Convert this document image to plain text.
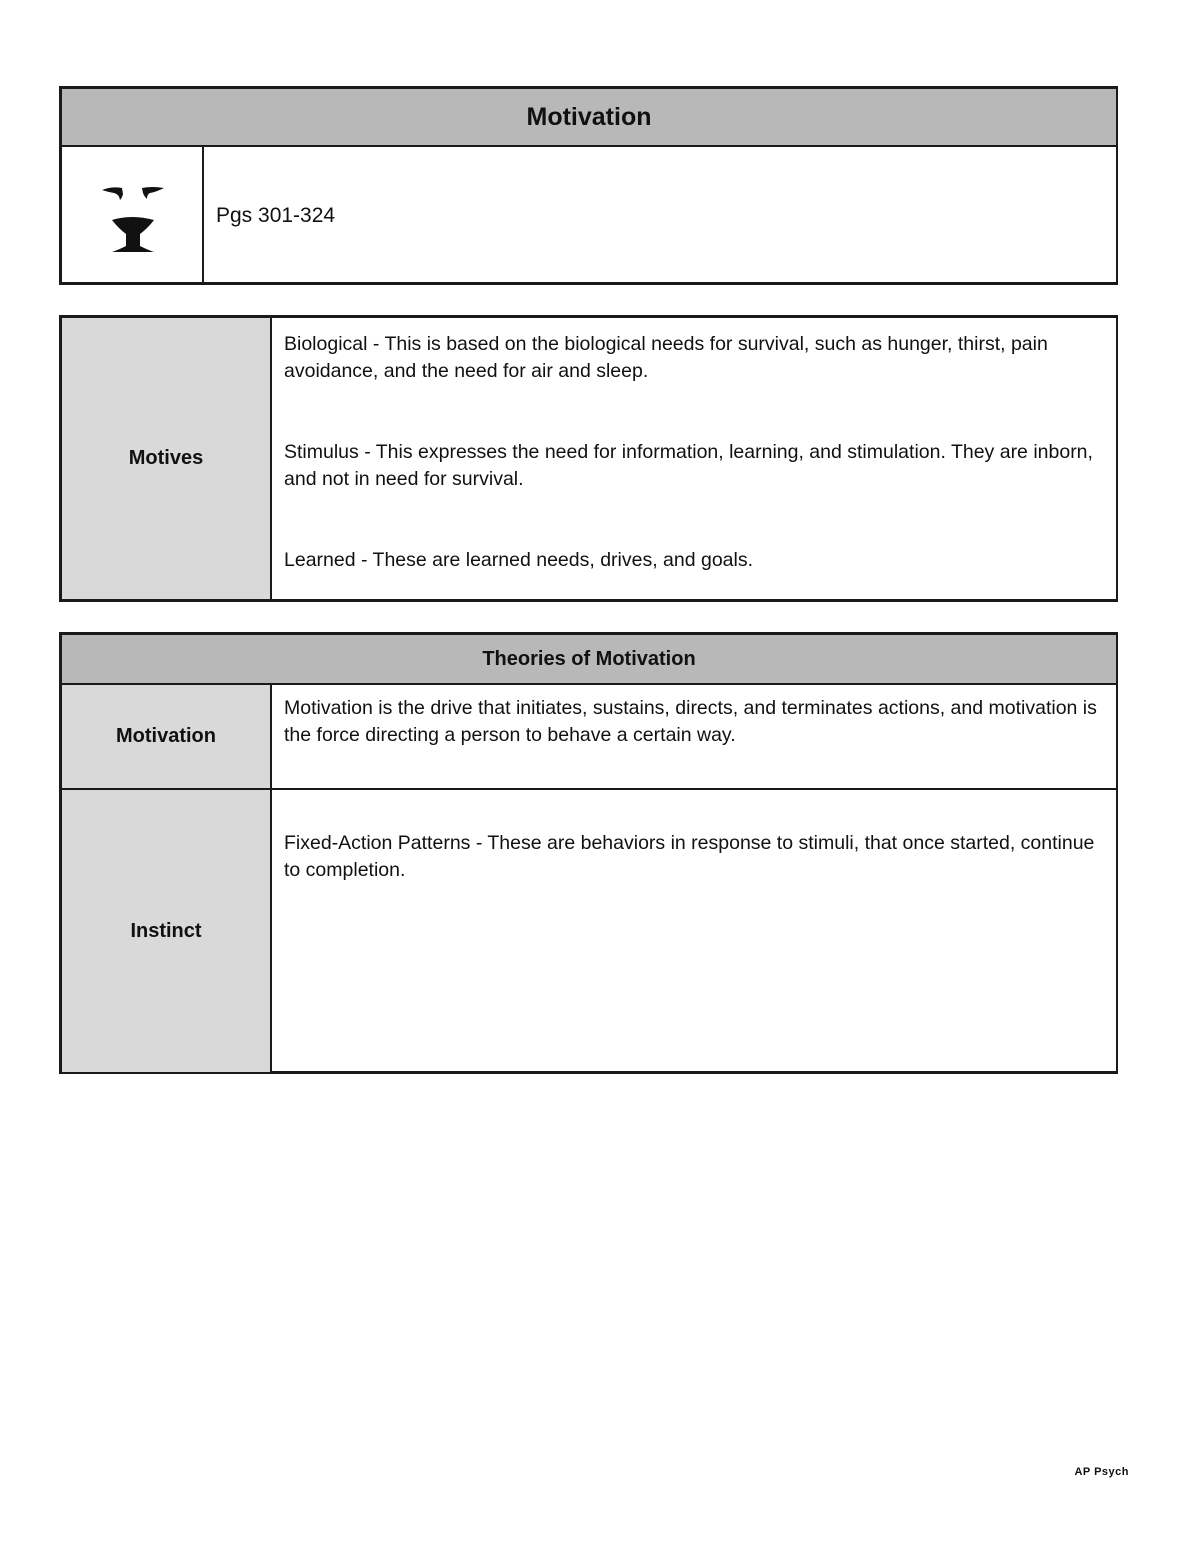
Motivation
Pgs 301-324
Motives

Biological - This is based on the biological needs for survival, such as hunger, thirst, pain avoidance, and the need for air and sleep.

Stimulus - This expresses the need for information, learning, and stimulation. They are inborn, and not in need for survival.

Learned - These are learned needs, drives, and goals.

Theories of Motivation
Motivation

Motivation is the drive that initiates, sustains, directs, and terminates actions, and motivation is the force directing a person to behave a certain way.

Instinct

Fixed-Action Patterns - These are behaviors in response to stimuli, that once started, continue to completion.

AP Psych
